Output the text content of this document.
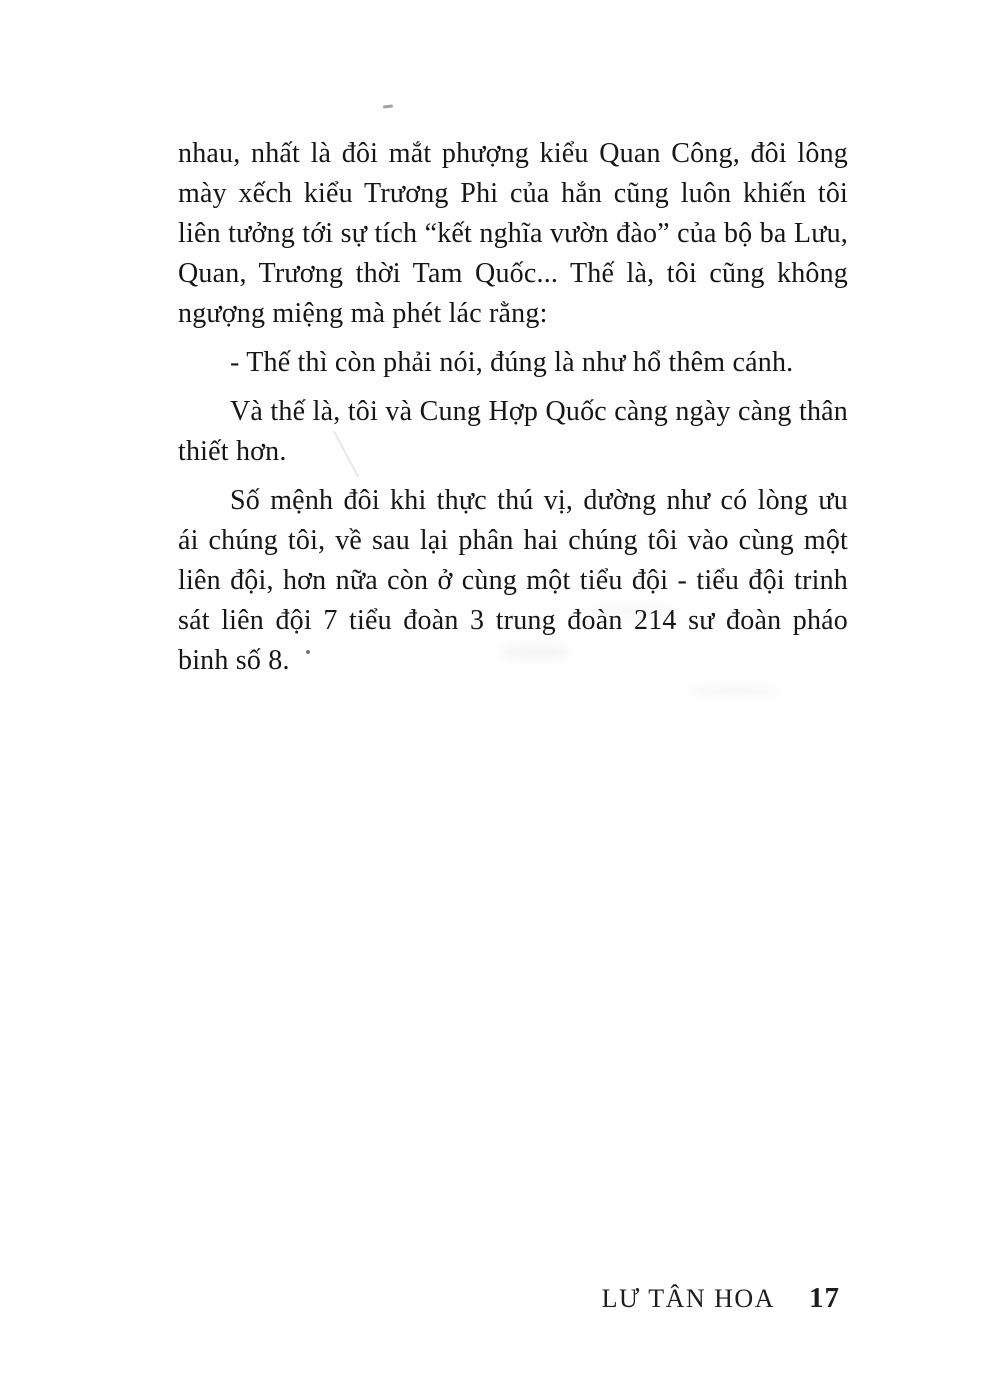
nhau, nhất là đôi mắt phượng kiểu Quan Công, đôi lông
mày xếch kiểu Trương Phi của hắn cũng luôn khiến tôi
liên tưởng tới sự tích “kết nghĩa vườn đào” của bộ ba Lưu,
Quan, Trương thời Tam Quốc... Thế là, tôi cũng không
ngượng miệng mà phét lác rằng:

- Thế thì còn phải nói, đúng là như hổ thêm cánh.

Và thế là, tôi và Cung Hợp Quốc càng ngày càng thân
thiết hơn.

Số mệnh đôi khi thực thú vị, dường như có lòng ưu
ái chúng tôi, về sau lại phân hai chúng tôi vào cùng một
liên đội, hơn nữa còn ở cùng một tiểu đội - tiểu đội trinh
sát liên đội 7 tiểu đoàn 3 trung đoàn 214 sư đoàn pháo
binh số 8.

LƯ TÂN HOA 17
